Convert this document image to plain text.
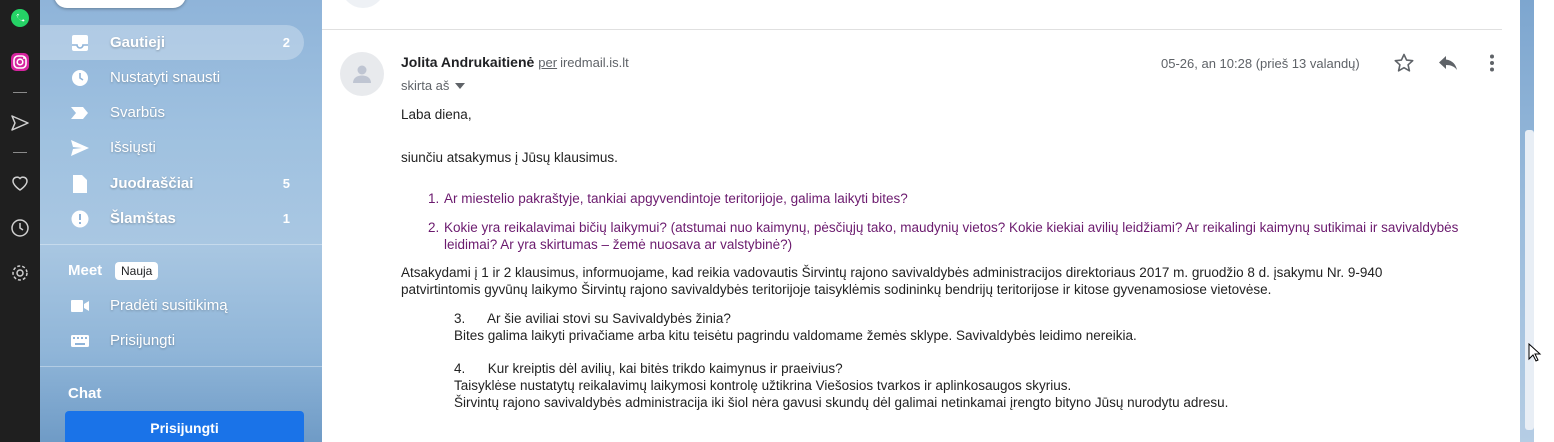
Gautieji	2
Nustatyti snausti
Svarbūs
Išsiųsti
Juodraščiai	5
Šlamštas	1
Meet	Nauja
Pradėti susitikimą
Prisijungti
Chat
Prisijungti
Jolita Andrukaitienė per iredmail.is.lt
skirta aš
05-26, an 10:28 (prieš 13 valandų)
Laba diena,
siunčiu atsakymus į Jūsų klausimus.
1. Ar miestelio pakraštyje, tankiai apgyvendintoje teritorijoje, galima laikyti bites?
2. Kokie yra reikalavimai bičių laikymui? (atstumai nuo kaimynų, pėsčiųjų tako, maudynių vietos? Kokie kiekiai avilių leidžiami? Ar reikalingi kaimynų sutikimai ir savivaldybės leidimai? Ar yra skirtumas – žemė nuosava ar valstybinė?)
Atsakydami į 1 ir 2 klausimus, informuojame, kad reikia vadovautis Širvintų rajono savivaldybės administracijos direktoriaus 2017 m. gruodžio 8 d. įsakymu Nr. 9-940
patvirtintomis gyvūnų laikymo Širvintų rajono savivaldybės teritorijoje taisyklėmis sodininkų bendrijų teritorijose ir kitose gyvenamosiose vietovėse.
3.      Ar šie aviliai stovi su Savivaldybės žinia?
Bites galima laikyti privačiame arba kitu teisėtu pagrindu valdomame žemės sklype. Savivaldybės leidimo nereikia.
4.      Kur kreiptis dėl avilių, kai bitės trikdo kaimynus ir praeivius?
Taisyklėse nustatytų reikalavimų laikymosi kontrolę užtikrina Viešosios tvarkos ir aplinkosaugos skyrius.
Širvintų rajono savivaldybės administracija iki šiol nėra gavusi skundų dėl galimai netinkamai įrengto bityno Jūsų nurodytu adresu.
